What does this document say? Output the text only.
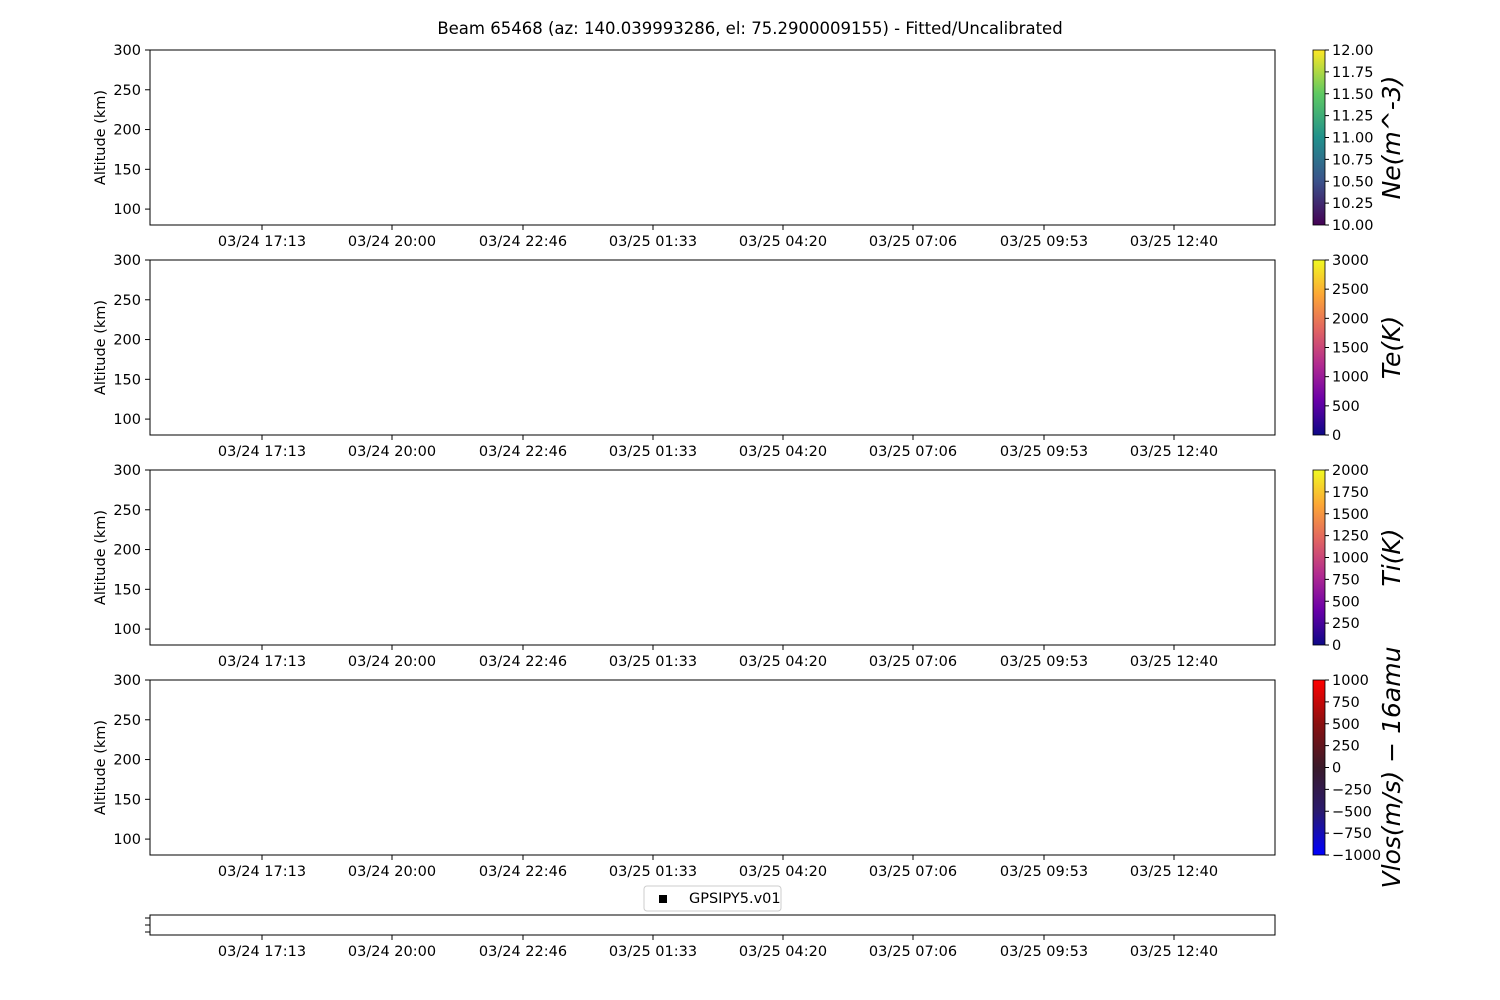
Beam 65468 (az: 140.039993286, el: 75.2900009155) - Fitted/Uncalibrated
100
150
200
250
300
Altitude (km)
03/24 17:13	03/24 20:00	03/24 22:46	03/25 01:33	03/25 04:20	03/25 07:06	03/25 09:53	03/25 12:40
10.00
10.25
10.50
10.75
11.00
11.25
11.50
11.75
12.00
Ne(m^-3)
100
150
200
250
300
Altitude (km)
03/24 17:13	03/24 20:00	03/24 22:46	03/25 01:33	03/25 04:20	03/25 07:06	03/25 09:53	03/25 12:40
0
500
1000
1500
2000
2500
3000
Te(K)
100
150
200
250
300
Altitude (km)
03/24 17:13	03/24 20:00	03/24 22:46	03/25 01:33	03/25 04:20	03/25 07:06	03/25 09:53	03/25 12:40
0
250
500
750
1000
1250
1500
1750
2000
Ti(K)
100
150
200
250
300
Altitude (km)
03/24 17:13	03/24 20:00	03/24 22:46	03/25 01:33	03/25 04:20	03/25 07:06	03/25 09:53	03/25 12:40
−1000
−750
−500
−250
0
250
500
750
1000 Vlos(m/s) − 16amu
03/24 17:13	03/24 20:00	03/24 22:46	03/25 01:33	03/25 04:20	03/25 07:06	03/25 09:53	03/25 12:40
GPSIPY5.v01
